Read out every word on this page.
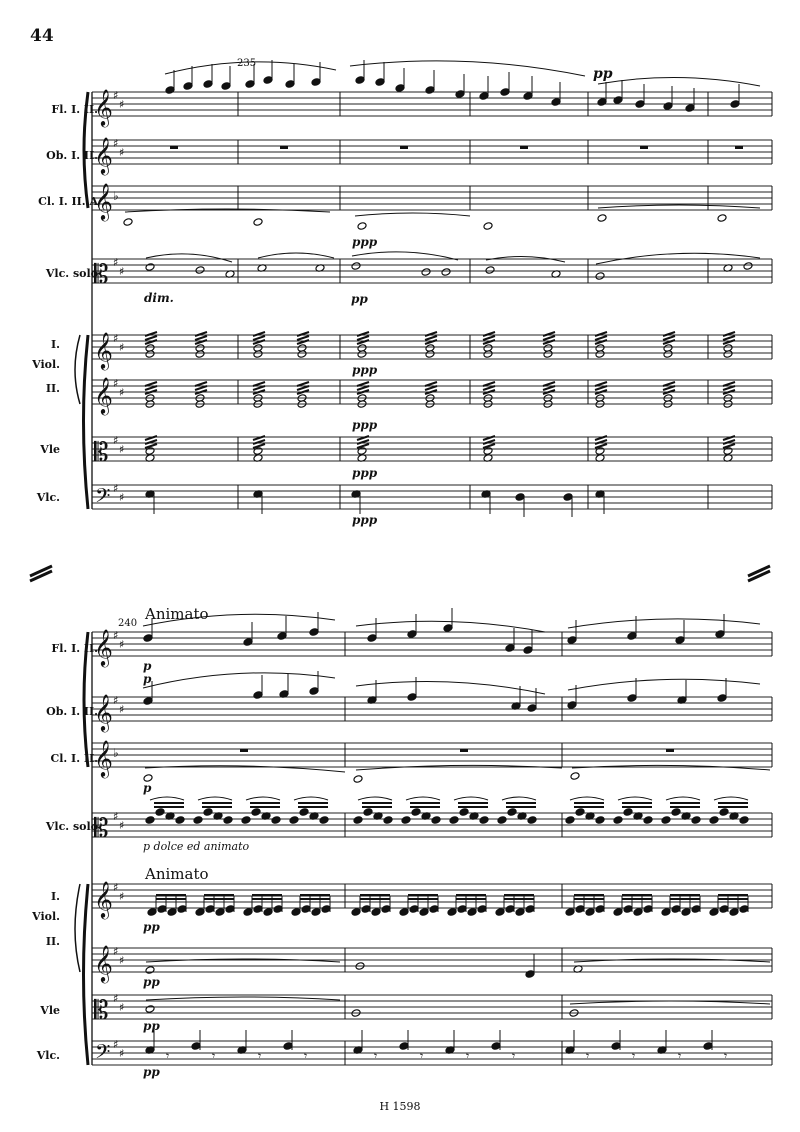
44
Fl. I. II.
Ob. I. II.
Cl. I. II. A
Vlc. solo
I.
Viol.
II.
Vle
Vlc.
235
pp
ppp
pp
dim.
ppp
ppp
ppp
ppp
Animato
240
Fl. I. II.
Ob. I. II.
Cl. I. II.
Vlc. solo
I.
Viol.
II.
Vle
Vlc.
p
p
p
p dolce ed animato
Animato
pp
pp
pp
pp
H 1598
𝄞
𝄞
𝄞
𝄞
𝄞
𝄡
𝄡
𝄢
♯
♯
♯
♯
♯
♯
♯
♯
♯
♯
♯
♯
♯
♯
♭
𝄞
𝄞
𝄞
𝄞
𝄞
𝄡
𝄡
𝄢
♯
♯
♯
♯
♯
♯
♯
♯
♯
♯
♯
♯
♯
♯
♭
𝄾	𝄾	𝄾	𝄾	𝄾	𝄾	𝄾	𝄾	𝄾	𝄾	𝄾	𝄾
